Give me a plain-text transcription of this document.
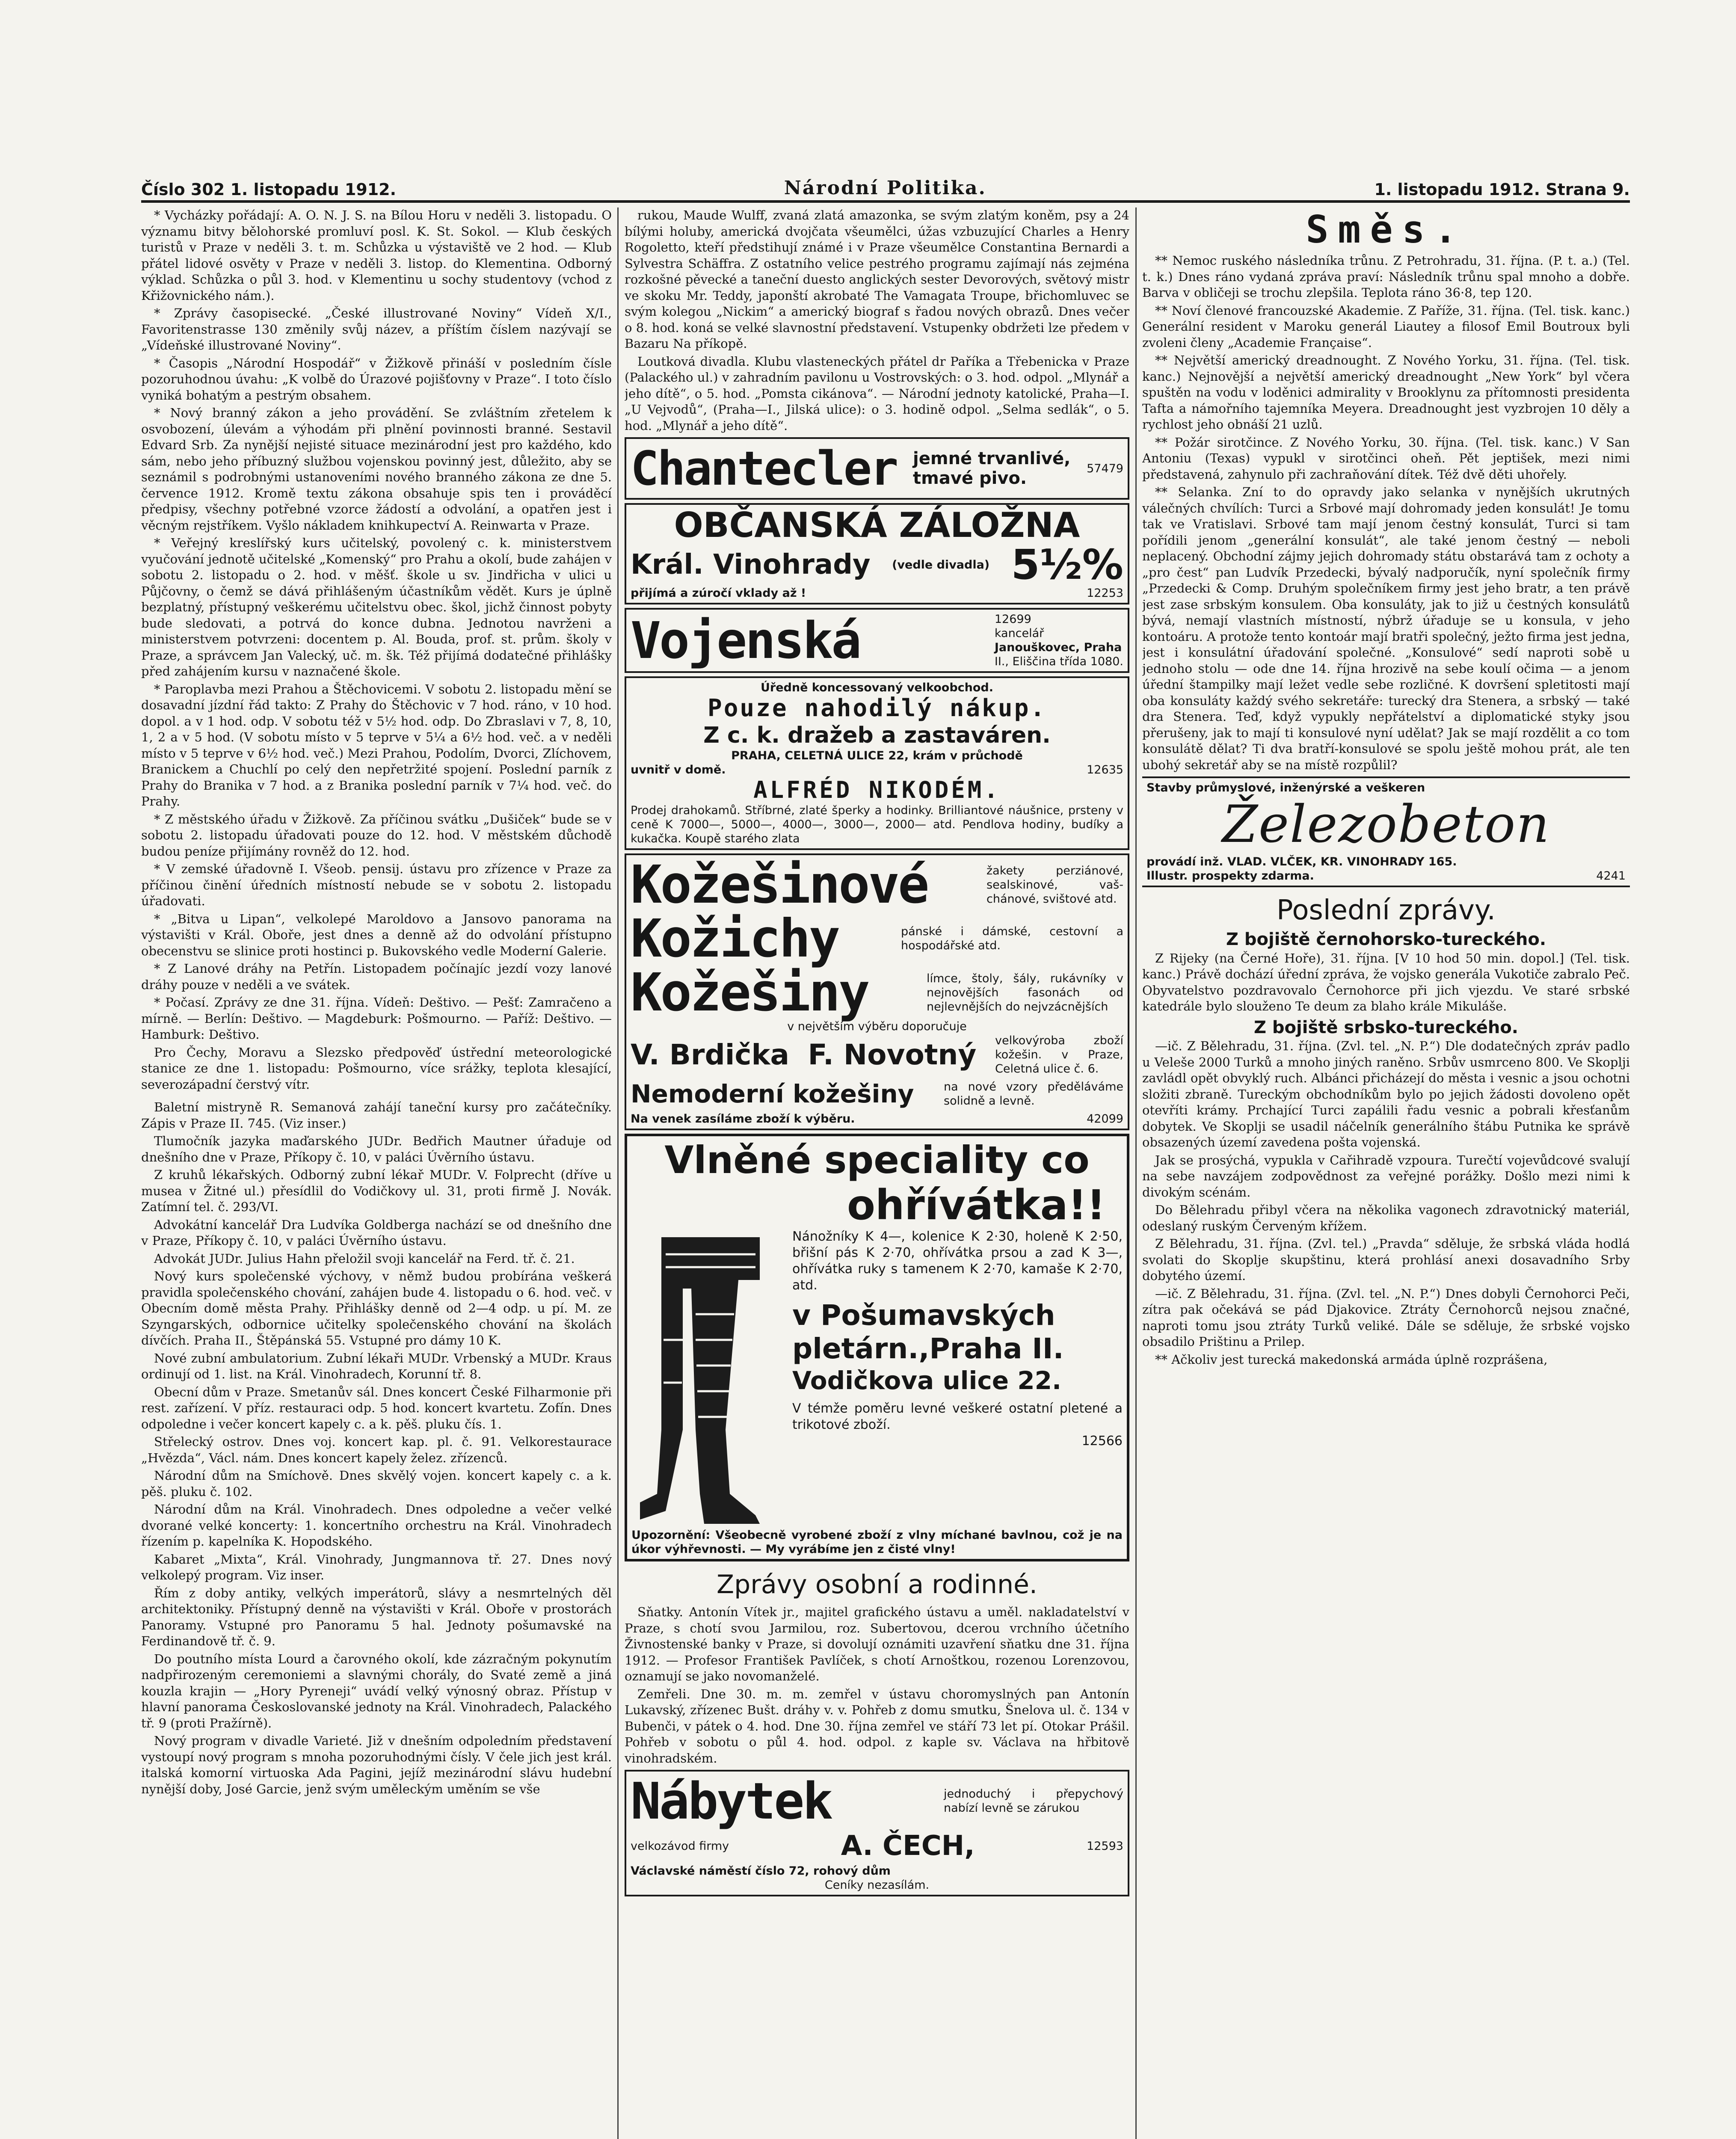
Číslo 302 1. listopadu 1912.	Národní Politika.	1. listopadu 1912. Strana 9.

* Vycházky pořádají: A. O. N. J. S. na Bílou Horu v neděli 3. listopadu. O významu bitvy bělohorské promluví posl. K. St. Sokol. — Klub českých turistů v Praze v neděli 3. t. m. Schůzka u výstaviště ve 2 hod. — Klub přátel lidové osvěty v Praze v neděli 3. listop. do Klementina. Odborný výklad. Schůzka o půl 3. hod. v Klementinu u sochy studentovy (vchod z Křižovnického nám.).

* Zprávy časopisecké. „České illustrované Noviny“ Vídeň X/I., Favoritenstrasse 130 změnily svůj název, a příštím číslem nazývají se „Vídeňské illustrované Noviny“.

* Časopis „Národní Hospodář“ v Žižkově přináší v posledním čísle pozoruhodnou úvahu: „K volbě do Úrazové pojišťovny v Praze“. I toto číslo vyniká bohatým a pestrým obsahem.

* Nový branný zákon a jeho provádění. Se zvláštním zřetelem k osvobození, úlevám a výhodám při plnění povinnosti branné. Sestavil Edvard Srb. Za nynější nejisté situace mezinárodní jest pro každého, kdo sám, nebo jeho příbuzný službou vojenskou povinný jest, důležito, aby se seznámil s podrobnými ustanoveními nového branného zákona ze dne 5. července 1912. Kromě textu zákona obsahuje spis ten i prováděcí předpisy, všechny potřebné vzorce žádostí a odvolání, a opatřen jest i věcným rejstříkem. Vyšlo nákladem knihkupectví A. Reinwarta v Praze.

* Veřejný kreslířský kurs učitelský, povolený c. k. ministerstvem vyučování jednotě učitelské „Komenský“ pro Prahu a okolí, bude zahájen v sobotu 2. listopadu o 2. hod. v měšť. škole u sv. Jindřicha v ulici u Půjčovny, o čemž se dává přihlášeným účastníkům vědět. Kurs je úplně bezplatný, přístupný veškerému učitelstvu obec. škol, jichž činnost pobyty bude sledovati, a potrvá do konce dubna. Jednotou navrženi a ministerstvem potvrzeni: docentem p. Al. Bouda, prof. st. prům. školy v Praze, a správcem Jan Valecký, uč. m. šk. Též přijímá dodatečné přihlášky před zahájením kursu v naznačené škole.

* Paroplavba mezi Prahou a Štěchovicemi. V sobotu 2. listopadu mění se dosavadní jízdní řád takto: Z Prahy do Štěchovic v 7 hod. ráno, v 10 hod. dopol. a v 1 hod. odp. V sobotu též v 5½ hod. odp. Do Zbraslavi v 7, 8, 10, 1, 2 a v 5 hod. (V sobotu místo v 5 teprve v 5¼ a 6½ hod. več. a v neděli místo v 5 teprve v 6½ hod. več.) Mezi Prahou, Podolím, Dvorci, Zlíchovem, Branickem a Chuchlí po celý den nepřetržité spojení. Poslední parník z Prahy do Branika v 7 hod. a z Branika poslední parník v 7¼ hod. več. do Prahy.

* Z městského úřadu v Žižkově. Za příčinou svátku „Dušiček“ bude se v sobotu 2. listopadu úřadovati pouze do 12. hod. V městském důchodě budou peníze přijímány rovněž do 12. hod.

* V zemské úřadovně I. Všeob. pensij. ústavu pro zřízence v Praze za příčinou činění úředních místností nebude se v sobotu 2. listopadu úřadovati.

* „Bitva u Lipan“, velkolepé Maroldovo a Jansovo panorama na výstavišti v Král. Oboře, jest dnes a denně až do odvolání přístupno obecenstvu se slinice proti hostinci p. Bukovského vedle Moderní Galerie.

* Z Lanové dráhy na Petřín. Listopadem počínajíc jezdí vozy lanové dráhy pouze v neděli a ve svátek.

* Počasí. Zprávy ze dne 31. října. Vídeň: Deštivo. — Pešť: Zamračeno a mírně. — Berlín: Deštivo. — Magdeburk: Pošmourno. — Paříž: Deštivo. — Hamburk: Deštivo.

Pro Čechy, Moravu a Slezsko předpověď ústřední meteorologické stanice ze dne 1. listopadu: Pošmourno, více srážky, teplota klesající, severozápadní čerstvý vítr.

Baletní mistryně R. Semanová zahájí taneční kursy pro začátečníky. Zápis v Praze II. 745. (Viz inser.)

Tlumočník jazyka maďarského JUDr. Bedřich Mautner úřaduje od dnešního dne v Praze, Příkopy č. 10, v paláci Úvěrního ústavu.

Z kruhů lékařských. Odborný zubní lékař MUDr. V. Folprecht (dříve u musea v Žitné ul.) přesídlil do Vodičkovy ul. 31, proti firmě J. Novák. Zatímní tel. č. 293/VI.

Advokátní kancelář Dra Ludvíka Goldberga nachází se od dnešního dne v Praze, Příkopy č. 10, v paláci Úvěrního ústavu.

Advokát JUDr. Julius Hahn přeložil svoji kancelář na Ferd. tř. č. 21.

Nový kurs společenské výchovy, v němž budou probírána veškerá pravidla společenského chování, zahájen bude 4. listopadu o 6. hod. več. v Obecním domě města Prahy. Přihlášky denně od 2—4 odp. u pí. M. ze Szyngarských, odbornice učitelky společenského chování na školách dívčích. Praha II., Štěpánská 55. Vstupné pro dámy 10 K.

Nové zubní ambulatorium. Zubní lékaři MUDr. Vrbenský a MUDr. Kraus ordinují od 1. list. na Král. Vinohradech, Korunní tř. 8.

Obecní dům v Praze. Smetanův sál. Dnes koncert České Filharmonie při rest. zařízení. V příz. restauraci odp. 5 hod. koncert kvartetu. Zofín. Dnes odpoledne i večer koncert kapely c. a k. pěš. pluku čís. 1.

Střelecký ostrov. Dnes voj. koncert kap. pl. č. 91. Velkorestaurace „Hvězda“, Václ. nám. Dnes koncert kapely želez. zřízenců.

Národní dům na Smíchově. Dnes skvělý vojen. koncert kapely c. a k. pěš. pluku č. 102.

Národní dům na Král. Vinohradech. Dnes odpoledne a večer velké dvorané velké koncerty: 1. koncertního orchestru na Král. Vinohradech řízením p. kapelníka K. Hopodského.

Kabaret „Mixta“, Král. Vinohrady, Jungmannova tř. 27. Dnes nový velkolepý program. Viz inser.

Řím z doby antiky, velkých imperátorů, slávy a nesmrtelných děl architektoniky. Přístupný denně na výstavišti v Král. Oboře v prostorách Panoramy. Vstupné pro Panoramu 5 hal. Jednoty pošumavské na Ferdinandově tř. č. 9.

Do poutního místa Lourd a čarovného okolí, kde zázračným pokynutím nadpřirozeným ceremoniemi a slavnými chorály, do Svaté země a jiná kouzla krajin — „Hory Pyreneji“ uvádí velký výnosný obraz. Přístup v hlavní panorama Českoslovanské jednoty na Král. Vinohradech, Palackého tř. 9 (proti Pražírně).

Nový program v divadle Varieté. Již v dnešním odpoledním představení vystoupí nový program s mnoha pozoruhodnými čísly. V čele jich jest král. italská komorní virtuoska Ada Pagini, jejíž mezinárodní slávu hudební nynější doby, José Garcie, jenž svým uměleckým uměním se vše

rukou, Maude Wulff, zvaná zlatá amazonka, se svým zlatým koněm, psy a 24 bílými holuby, americká dvojčata všeumělci, úžas vzbuzující Charles a Henry Rogoletto, kteří předstihují známé i v Praze všeumělce Constantina Bernardi a Sylvestra Schäffra. Z ostatního velice pestrého programu zajímají nás zejména rozkošné pěvecké a taneční duesto anglických sester Devorových, světový mistr ve skoku Mr. Teddy, japonští akrobaté The Vamagata Troupe, břichomluvec se svým kolegou „Nickim“ a americký biograf s řadou nových obrazů. Dnes večer o 8. hod. koná se velké slavnostní představení. Vstupenky obdržeti lze předem v Bazaru Na příkopě.

Loutková divadla. Klubu vlasteneckých přátel dr Paříka a Třebenicka v Praze (Palackého ul.) v zahradním pavilonu u Vostrovských: o 3. hod. odpol. „Mlynář a jeho dítě“, o 5. hod. „Pomsta cikánova“. — Národní jednoty katolické, Praha—I. „U Vejvodů“, (Praha—I., Jilská ulice): o 3. hodině odpol. „Selma sedlák“, o 5. hod. „Mlynář a jeho dítě“.

Chantecler jemné trvanlivé,
tmavé pivo.	57479
OBČANSKÁ ZÁLOŽNA
Král. Vinohrady (vedle divadla) 5½%
přijímá a zúročí vklady až !	12253
Vojenská	12699
kancelář
Janouškovec, Praha
II., Eliščina třída 1080.
Úředně koncessovaný velkoobchod.
Pouze nahodilý nákup.
Z c. k. dražeb a zastaváren.
PRAHA, CELETNÁ ULICE 22, krám v průchodě
uvnitř v domě.	12635
ALFRÉD NIKODÉM.
Prodej drahokamů. Stříbrné, zlaté šperky a hodinky. Brilliantové náušnice, prsteny v ceně K 7000—, 5000—, 4000—, 3000—, 2000— atd. Pendlova hodiny, budíky a kukačka. Koupě starého zlata
Kožešinové	žakety perziánové, sealskinové, vaš-chánové, svištové atd.
Kožichy	pánské i dámské, cestovní a hospodářské atd.
Kožešiny	límce, štoly, šály, rukávníky v nejnovějších fasonách od nejlevnějších do nejvzácnějších
v největším výběru doporučuje
V. Brdička F. Novotný velkovýroba zboží kožešin. v Praze, Celetná ulice č. 6.
Nemoderní kožešiny	na nové vzory předěláváme solidně a levně.
Na venek zasíláme zboží k výběru.	42099
Vlněné speciality co
ohřívátka!!
Nánožníky K 4—, kolenice K 2·30, holeně K 2·50, břišní pás K 2·70, ohřívátka prsou a zad K 3—, ohřívátka ruky s tamenem K 2·70, kamaše K 2·70, atd.
v Pošumavských
pletárn.,Praha II.
Vodičkova ulice 22.
V témže poměru levné veškeré ostatní pletené a trikotové zboží.
12566
Upozornění: Všeobecně vyrobené zboží z vlny míchané bavlnou, což je na úkor výhřevnosti. — My vyrábíme jen z čisté vlny!
Zprávy osobní a rodinné.

Sňatky. Antonín Vítek jr., majitel grafického ústavu a uměl. nakladatelství v Praze, s chotí svou Jarmilou, roz. Subertovou, dcerou vrchního účetního Živnostenské banky v Praze, si dovolují oznámiti uzavření sňatku dne 31. října 1912. — Profesor František Pavlíček, s chotí Arnoštkou, rozenou Lorenzovou, oznamují se jako novomanželé.

Zemřeli. Dne 30. m. m. zemřel v ústavu choromyslných pan Antonín Lukavský, zřízenec Bušt. dráhy v. v. Pohřeb z domu smutku, Šnelova ul. č. 134 v Bubenči, v pátek o 4. hod. Dne 30. října zemřel ve stáří 73 let pí. Otokar Prášil. Pohřeb v sobotu o půl 4. hod. odpol. z kaple sv. Václava na hřbitově vinohradském.

Nábytek	jednoduchý i přepychový nabízí levně se zárukou
velkozávod firmy	A. ČECH,	12593
Václavské náměstí číslo 72, rohový dům
Ceníky nezasílám.
Směs.

** Nemoc ruského následníka trůnu. Z Petrohradu, 31. října. (P. t. a.) (Tel. t. k.) Dnes ráno vydaná zpráva praví: Následník trůnu spal mnoho a dobře. Barva v obličeji se trochu zlepšila. Teplota ráno 36·8, tep 120.

** Noví členové francouzské Akademie. Z Paříže, 31. října. (Tel. tisk. kanc.) Generální resident v Maroku generál Liautey a filosof Emil Boutroux byli zvoleni členy „Academie Française“.

** Největší americký dreadnought. Z Nového Yorku, 31. října. (Tel. tisk. kanc.) Nejnovější a největší americký dreadnought „New York“ byl včera spuštěn na vodu v loděnici admirality v Brooklynu za přítomnosti presidenta Tafta a námořního tajemníka Meyera. Dreadnought jest vyzbrojen 10 děly a rychlost jeho obnáší 21 uzlů.

** Požár sirotčince. Z Nového Yorku, 30. října. (Tel. tisk. kanc.) V San Antoniu (Texas) vypukl v sirotčinci oheň. Pět jeptišek, mezi nimi představená, zahynulo při zachraňování dítek. Též dvě děti uhořely.

** Selanka. Zní to do opravdy jako selanka v nynějších ukrutných válečných chvílích: Turci a Srbové mají dohromady jeden konsulát! Je tomu tak ve Vratislavi. Srbové tam mají jenom čestný konsulát, Turci si tam pořídili jenom „generální konsulát“, ale také jenom čestný — neboli neplacený. Obchodní zájmy jejich dohromady státu obstarává tam z ochoty a „pro čest“ pan Ludvík Przedecki, bývalý nadporučík, nyní společník firmy „Przedecki & Comp. Druhým společníkem firmy jest jeho bratr, a ten právě jest zase srbským konsulem. Oba konsuláty, jak to již u čestných konsulátů bývá, nemají vlastních místností, nýbrž úřaduje se u konsula, v jeho kontoáru. A protože tento kontoár mají bratři společný, ježto firma jest jedna, jest i konsulátní úřadování společné. „Konsulové“ sedí naproti sobě u jednoho stolu — ode dne 14. října hrozivě na sebe koulí očima — a jenom úřední štampilky mají ležet vedle sebe rozličné. K dovršení spletitosti mají oba konsuláty každý svého sekretáře: turecký dra Stenera, a srbský — také dra Stenera. Teď, když vypukly nepřátelství a diplomatické styky jsou přerušeny, jak to mají ti konsulové nyní udělat? Jak se mají rozdělit a co tom konsulátě dělat? Ti dva bratří-konsulové se spolu ještě mohou prát, ale ten ubohý sekretář aby se na místě rozpůlil?

Stavby průmyslové, inženýrské a veškeren
Železobeton
provádí inž. VLAD. VLČEK, KR. VINOHRADY 165.
Illustr. prospekty zdarma.	4241
Poslední zprávy.
Z bojiště černohorsko-tureckého.

Z Rijeky (na Černé Hoře), 31. října. [V 10 hod 50 min. dopol.] (Tel. tisk. kanc.) Právě dochází úřední zpráva, že vojsko generála Vukotiče zabralo Peč. Obyvatelstvo pozdravovalo Černohorce při jich vjezdu. Ve staré srbské katedrále bylo slouženo Te deum za blaho krále Mikuláše.

Z bojiště srbsko-tureckého.

—ič. Z Bělehradu, 31. října. (Zvl. tel. „N. P.“) Dle dodatečných zpráv padlo u Veleše 2000 Turků a mnoho jiných raněno. Srbův usmrceno 800. Ve Skoplji zavládl opět obvyklý ruch. Albánci přicházejí do města i vesnic a jsou ochotni složiti zbraně. Tureckým obchodníkům bylo po jejich žádosti dovoleno opět otevříti krámy. Prchající Turci zapálili řadu vesnic a pobrali křesťanům dobytek. Ve Skoplji se usadil náčelník generálního štábu Putnika ke správě obsazených území zavedena pošta vojenská.

Jak se prosýchá, vypukla v Cařihradě vzpoura. Turečtí vojevůdcové svalují na sebe navzájem zodpovědnost za veřejné porážky. Došlo mezi nimi k divokým scénám.

Do Bělehradu přibyl včera na několika vagonech zdravotnický materiál, odeslaný ruským Červeným křížem.

Z Bělehradu, 31. října. (Zvl. tel.) „Pravda“ sděluje, že srbská vláda hodlá svolati do Skoplje skupštinu, která prohlásí anexi dosavadního Srby dobytého území.

—ič. Z Bělehradu, 31. října. (Zvl. tel. „N. P.“) Dnes dobyli Černohorci Peči, zítra pak očekává se pád Djakovice. Ztráty Černohorců nejsou značné, naproti tomu jsou ztráty Turků veliké. Dále se sděluje, že srbské vojsko obsadilo Prištinu a Prilep.

** Ačkoliv jest turecká makedonská armáda úplně rozprášena,
